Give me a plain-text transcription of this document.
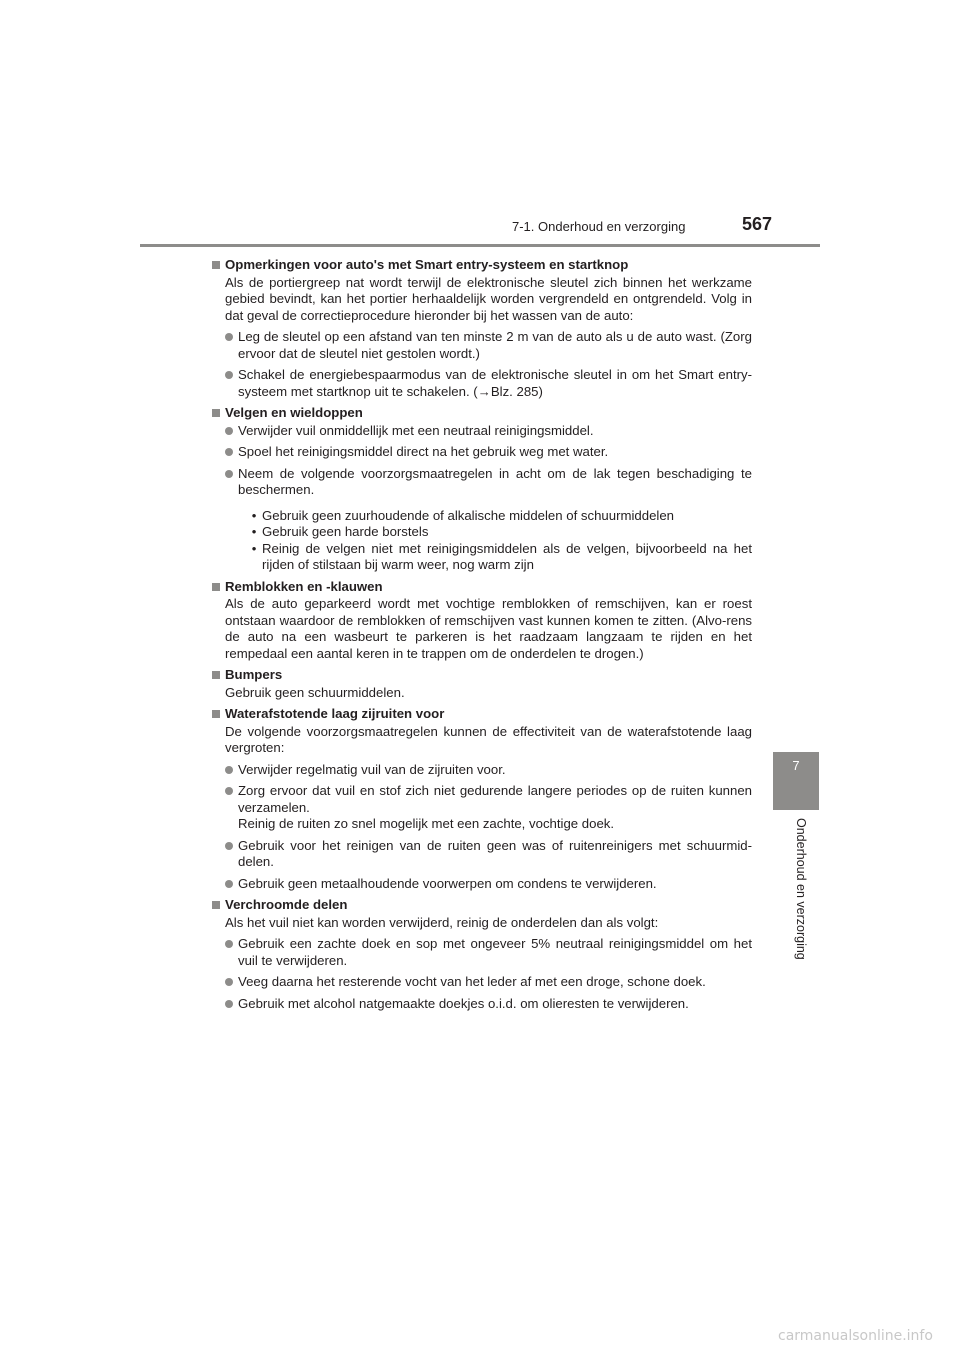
7-1. Onderhoud en verzorging	567
7
Onderhoud en verzorging
Opmerkingen voor auto's met Smart entry-systeem en startknop
Als de portiergreep nat wordt terwijl de elektronische sleutel zich binnen het werkzame gebied bevindt, kan het portier herhaaldelijk worden vergrendeld en ontgrendeld. Volg in dat geval de correctieprocedure hieronder bij het wassen van de auto:
Leg de sleutel op een afstand van ten minste 2 m van de auto als u de auto wast. (Zorg ervoor dat de sleutel niet gestolen wordt.)
Schakel de energiebespaarmodus van de elektronische sleutel in om het Smart entry-systeem met startknop uit te schakelen. (→Blz. 285)
Velgen en wieldoppen
Verwijder vuil onmiddellijk met een neutraal reinigingsmiddel.
Spoel het reinigingsmiddel direct na het gebruik weg met water.
Neem de volgende voorzorgsmaatregelen in acht om de lak tegen beschadiging te beschermen.
• Gebruik geen zuurhoudende of alkalische middelen of schuurmiddelen
• Gebruik geen harde borstels
• Reinig de velgen niet met reinigingsmiddelen als de velgen, bijvoorbeeld na het rijden of stilstaan bij warm weer, nog warm zijn
Remblokken en -klauwen
Als de auto geparkeerd wordt met vochtige remblokken of remschijven, kan er roest ontstaan waardoor de remblokken of remschijven vast kunnen komen te zitten. (Alvo-rens de auto na een wasbeurt te parkeren is het raadzaam langzaam te rijden en het rempedaal een aantal keren in te trappen om de onderdelen te drogen.)
Bumpers
Gebruik geen schuurmiddelen.
Waterafstotende laag zijruiten voor
De volgende voorzorgsmaatregelen kunnen de effectiviteit van de waterafstotende laag vergroten:
Verwijder regelmatig vuil van de zijruiten voor.
Zorg ervoor dat vuil en stof zich niet gedurende langere periodes op de ruiten kunnen verzamelen.
Reinig de ruiten zo snel mogelijk met een zachte, vochtige doek.
Gebruik voor het reinigen van de ruiten geen was of ruitenreinigers met schuurmid-delen.
Gebruik geen metaalhoudende voorwerpen om condens te verwijderen.
Verchroomde delen
Als het vuil niet kan worden verwijderd, reinig de onderdelen dan als volgt:
Gebruik een zachte doek en sop met ongeveer 5% neutraal reinigingsmiddel om het vuil te verwijderen.
Veeg daarna het resterende vocht van het leder af met een droge, schone doek.
Gebruik met alcohol natgemaakte doekjes o.i.d. om olieresten te verwijderen.
carmanualsonline.info
